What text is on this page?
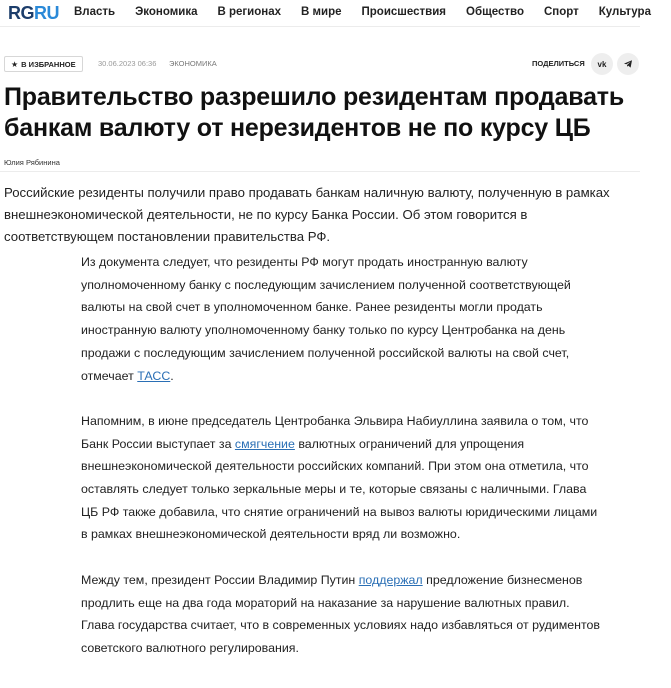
RG RU Власть Экономика В регионах В мире Происшествия Общество Спорт Культура
★ В ИЗБРАННОЕ	30.06.2023 06:36 ЭКОНОМИКА	ПОДЕЛИТЬСЯ vk
Правительство разрешило резидентам продавать банкам валюту от нерезидентов не по курсу ЦБ
Юлия Рябинина

Российские резиденты получили право продавать банкам наличную валюту, полученную в рамках внешнеэкономической деятельности, не по курсу Банка России. Об этом говорится в соответствующем постановлении правительства РФ.

Из документа следует, что резиденты РФ могут продать иностранную валюту уполномоченному банку с последующим зачислением полученной соответствующей валюты на свой счет в уполномоченном банке. Ранее резиденты могли продать иностранную валюту уполномоченному банку только по курсу Центробанка на день продажи с последующим зачислением полученной российской валюты на свой счет, отмечает ТАСС.

Напомним, в июне председатель Центробанка Эльвира Набиуллина заявила о том, что Банк России выступает за смягчение валютных ограничений для упрощения внешнеэкономической деятельности российских компаний. При этом она отметила, что оставлять следует только зеркальные меры и те, которые связаны с наличными. Глава ЦБ РФ также добавила, что снятие ограничений на вывоз валюты юридическими лицами в рамках внешнеэкономической деятельности вряд ли возможно.

Между тем, президент России Владимир Путин поддержал предложение бизнесменов продлить еще на два года мораторий на наказание за нарушение валютных правил. Глава государства считает, что в современных условиях надо избавляться от рудиментов советского валютного регулирования.
